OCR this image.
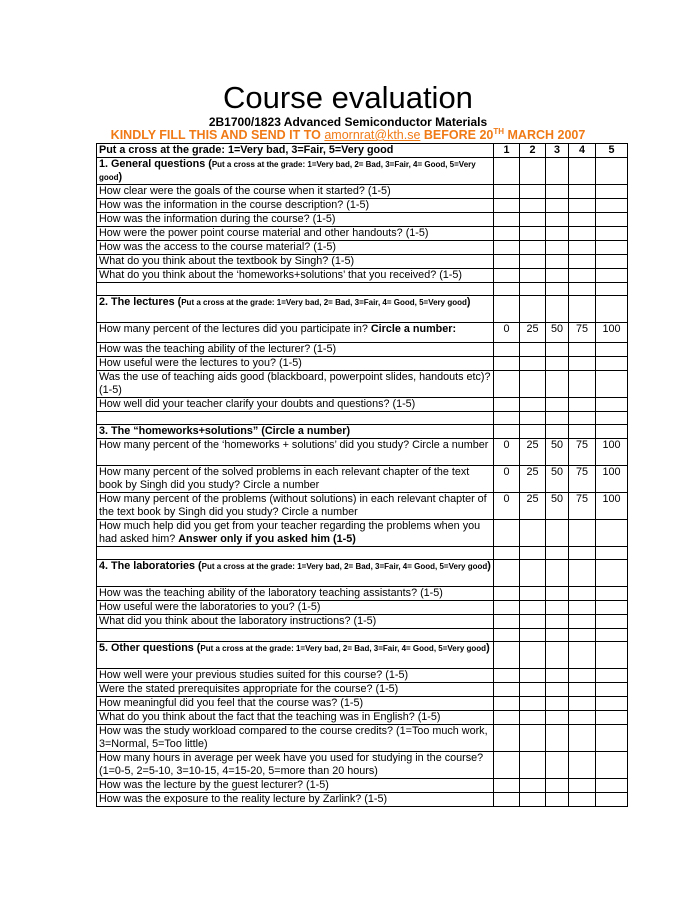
Course evaluation
2B1700/1823 Advanced Semiconductor Materials
KINDLY FILL THIS AND SEND IT TO amornrat@kth.se BEFORE 20TH MARCH 2007
Put a cross at the grade: 1=Very bad, 3=Fair, 5=Very good	1	2	3	4	5
1. General questions (Put a cross at the grade: 1=Very bad, 2= Bad, 3=Fair, 4= Good, 5=Very good)					
How clear were the goals of the course when it started? (1-5)					
How was the information in the course description? (1-5)					
How was the information during the course? (1-5)					
How were the power point course material and other handouts? (1-5)					
How was the access to the course material? (1-5)					
What do you think about the textbook by Singh? (1-5)					
What do you think about the ‘homeworks+solutions’ that you received? (1-5)					

2. The lectures (Put a cross at the grade: 1=Very bad, 2= Bad, 3=Fair, 4= Good, 5=Very good)					
How many percent of the lectures did you participate in? Circle a number:	0	25	50	75	100
How was the teaching ability of the lecturer? (1-5)					
How useful were the lectures to you? (1-5)					
Was the use of teaching aids good (blackboard, powerpoint slides, handouts etc)? (1-5)					
How well did your teacher clarify your doubts and questions? (1-5)					

3. The “homeworks+solutions” (Circle a number)					
How many percent of the ‘homeworks + solutions’ did you study? Circle a number	0	25	50	75	100
How many percent of the solved problems in each relevant chapter of the text book by Singh did you study? Circle a number	0	25	50	75	100
How many percent of the problems (without solutions) in each relevant chapter of the text book by Singh did you study? Circle a number	0	25	50	75	100
How much help did you get from your teacher regarding the problems when you had asked him? Answer only if you asked him (1-5)					

4. The laboratories (Put a cross at the grade: 1=Very bad, 2= Bad, 3=Fair, 4= Good, 5=Very good)					
How was the teaching ability of the laboratory teaching assistants? (1-5)					
How useful were the laboratories to you? (1-5)					
What did you think about the laboratory instructions? (1-5)					

5. Other questions (Put a cross at the grade: 1=Very bad, 2= Bad, 3=Fair, 4= Good, 5=Very good)					
How well were your previous studies suited for this course? (1-5)					
Were the stated prerequisites appropriate for the course? (1-5)					
How meaningful did you feel that the course was? (1-5)					
What do you think about the fact that the teaching was in English? (1-5)					
How was the study workload compared to the course credits? (1=Too much work, 3=Normal, 5=Too little)					
How many hours in average per week have you used for studying in the course? (1=0-5, 2=5-10, 3=10-15, 4=15-20, 5=more than 20 hours)					
How was the lecture by the guest lecturer? (1-5)					
How was the exposure to the reality lecture by Zarlink? (1-5)					
